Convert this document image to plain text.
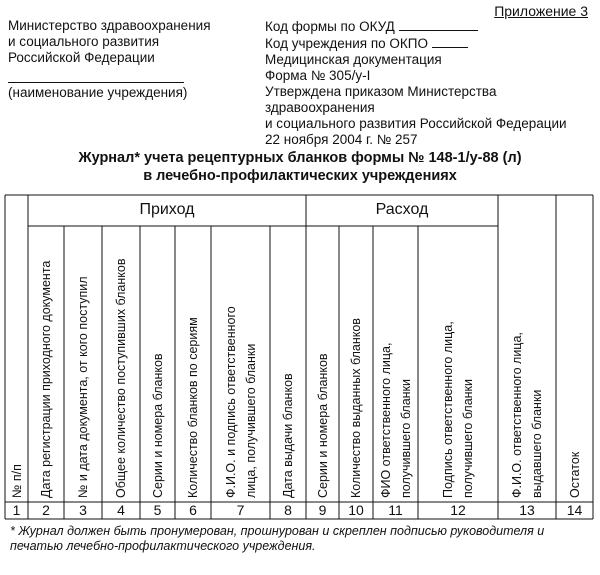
Приложение 3
Министерство здравоохранения
и социального развития
Российской Федерации
(наименование учреждения)
Код формы по ОКУД
Код учреждения по ОКПО
Медицинская документация
Форма № 305/у-I
Утверждена приказом Министерства здравоохранения
и социального развития Российской Федерации
22 ноября 2004 г. № 257
Журнал* учета рецептурных бланков формы № 148-1/у-88 (л)
в лечебно-профилактических учреждениях
Приход	Расход
1
№ п/п
2
Дата регистрации приходного документа
3
№ и дата документа, от кого поступил
4
Общее количество поступивших бланков
5
Серии и номера бланков
6
Количество бланков по сериям
7
Ф.И.О. и подпись ответственного лица, получившего бланки
8
Дата выдачи бланков
9
Серии и номера бланков
10
Количество выданных бланков
11
ФИО ответственного лица, получившего бланки
12
Подпись ответственного лица, получившего бланки
13
Ф.И.О. ответственного лица, выдавшего бланки
14
Остаток
* Журнал должен быть пронумерован, прошнурован и скреплен подписью руководителя и печатью лечебно-профилактического учреждения.
